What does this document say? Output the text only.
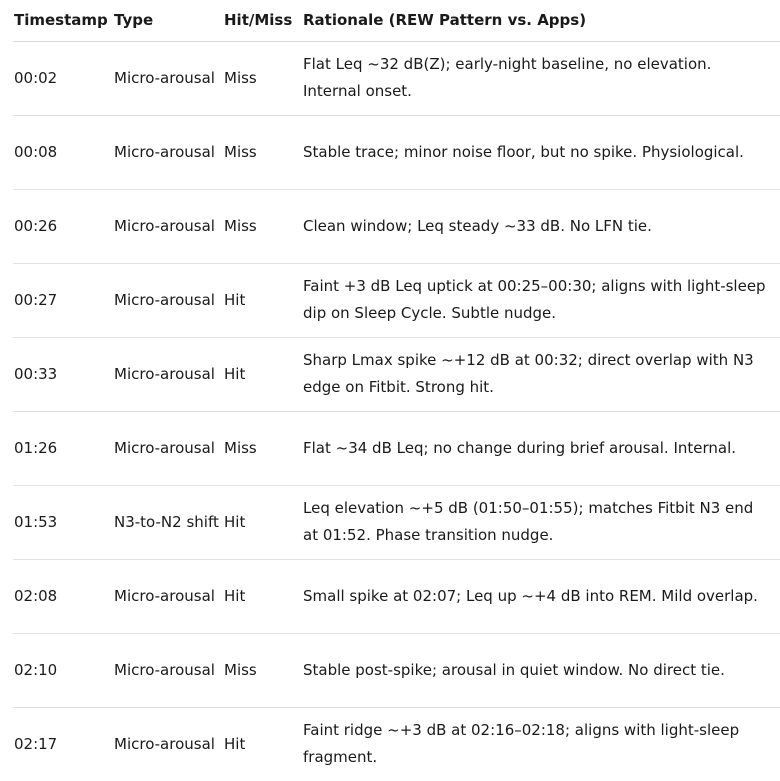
Timestamp	Type	Hit/Miss	Rationale (REW Pattern vs. Apps)
00:02	Micro-arousal	Miss	Flat Leq ~32 dB(Z); early-night baseline, no elevation. Internal onset.
00:08	Micro-arousal	Miss	Stable trace; minor noise floor, but no spike. Physiological.
00:26	Micro-arousal	Miss	Clean window; Leq steady ~33 dB. No LFN tie.
00:27	Micro-arousal	Hit	Faint +3 dB Leq uptick at 00:25–00:30; aligns with light-sleep dip on Sleep Cycle. Subtle nudge.
00:33	Micro-arousal	Hit	Sharp Lmax spike ~+12 dB at 00:32; direct overlap with N3 edge on Fitbit. Strong hit.
01:26	Micro-arousal	Miss	Flat ~34 dB Leq; no change during brief arousal. Internal.
01:53	N3-to-N2 shift	Hit	Leq elevation ~+5 dB (01:50–01:55); matches Fitbit N3 end at 01:52. Phase transition nudge.
02:08	Micro-arousal	Hit	Small spike at 02:07; Leq up ~+4 dB into REM. Mild overlap.
02:10	Micro-arousal	Miss	Stable post-spike; arousal in quiet window. No direct tie.
02:17	Micro-arousal	Hit	Faint ridge ~+3 dB at 02:16–02:18; aligns with light-sleep fragment.
